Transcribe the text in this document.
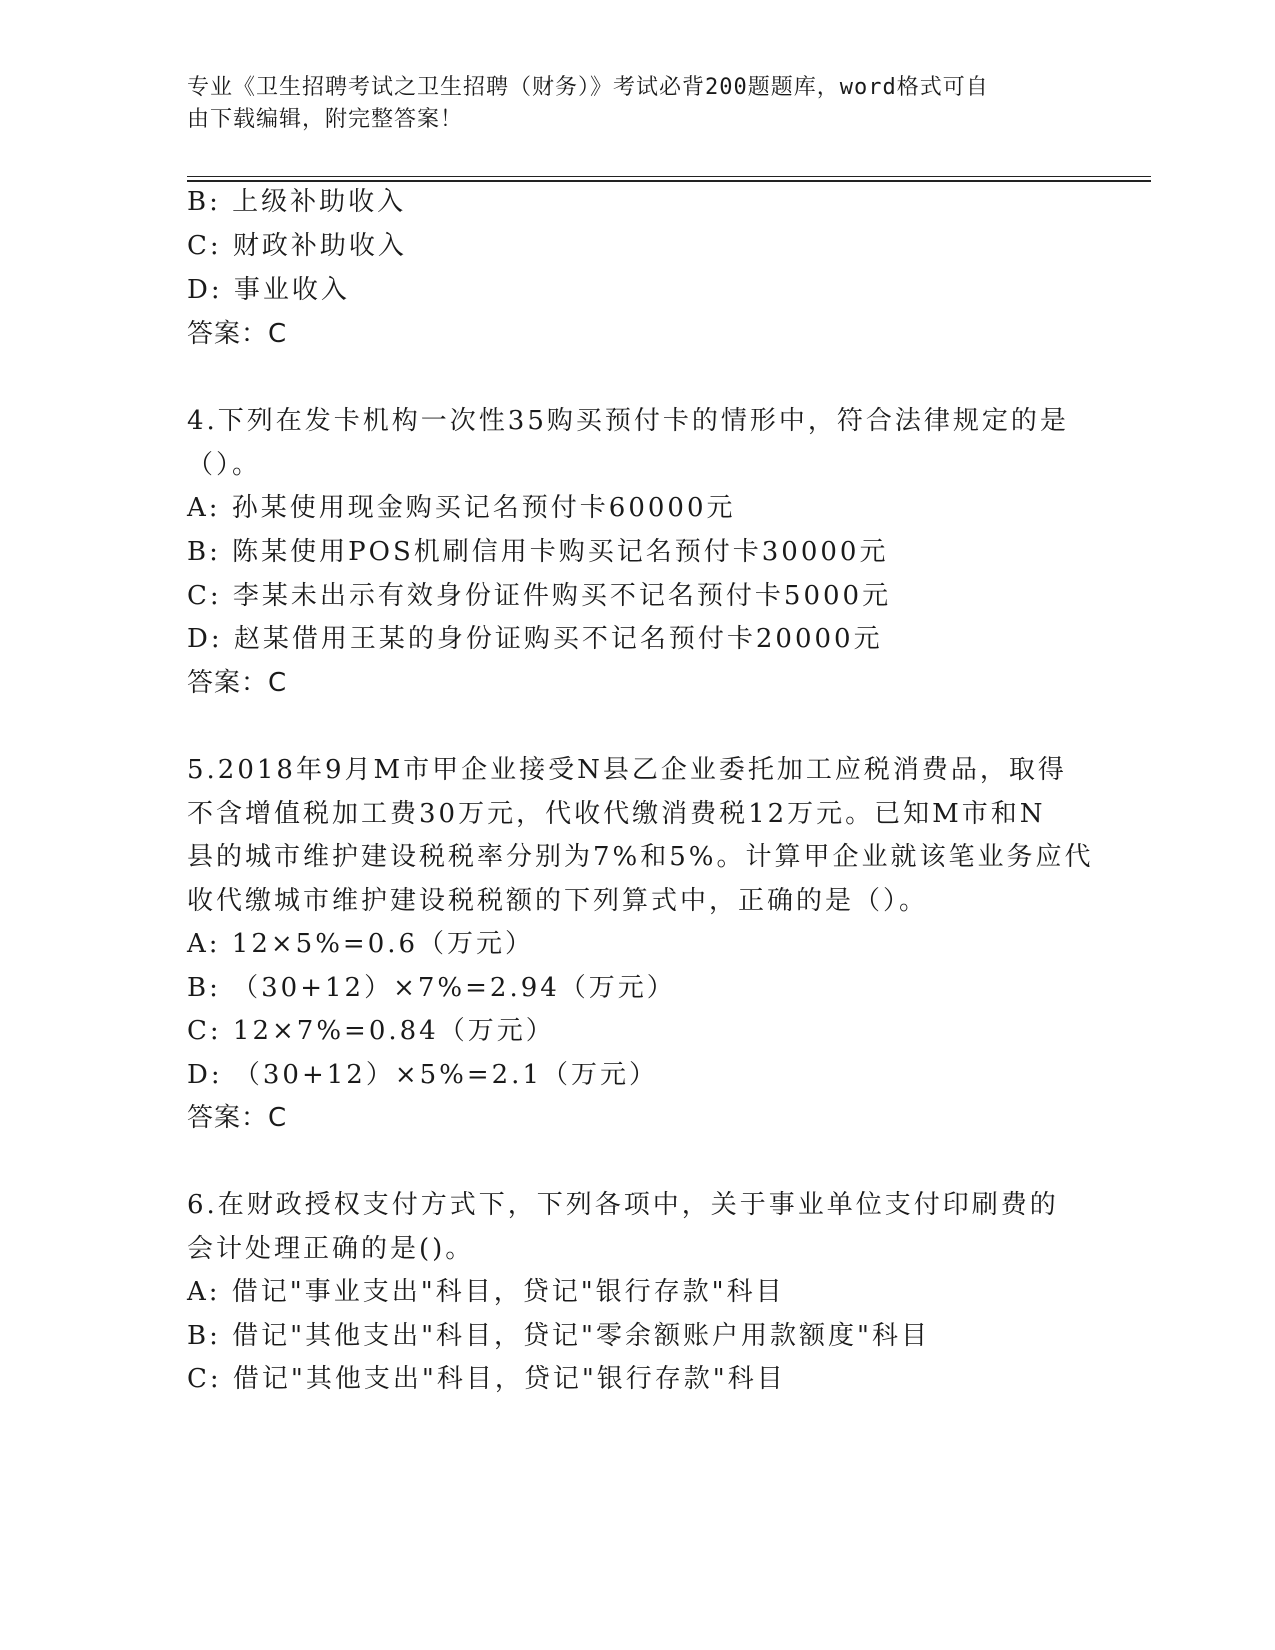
专业《卫生招聘考试之卫生招聘（财务）》考试必背200题题库，word格式可自
由下载编辑，附完整答案！
B: 上级补助收入
C: 财政补助收入
D: 事业收入
答案：C
4.下列在发卡机构一次性35购买预付卡的情形中，符合法律规定的是
（）。
A: 孙某使用现金购买记名预付卡60000元
B: 陈某使用POS机刷信用卡购买记名预付卡30000元
C: 李某未出示有效身份证件购买不记名预付卡5000元
D: 赵某借用王某的身份证购买不记名预付卡20000元
答案：C
5.2018年9月M市甲企业接受N县乙企业委托加工应税消费品，取得
不含增值税加工费30万元，代收代缴消费税12万元。已知M市和N
县的城市维护建设税税率分别为7%和5%。计算甲企业就该笔业务应代
收代缴城市维护建设税税额的下列算式中，正确的是（）。
A: 12×5%=0.6（万元）
B: （30+12）×7%=2.94（万元）
C: 12×7%=0.84（万元）
D: （30+12）×5%=2.1（万元）
答案：C
6.在财政授权支付方式下，下列各项中，关于事业单位支付印刷费的
会计处理正确的是()。
A: 借记"事业支出"科目，贷记"银行存款"科目
B: 借记"其他支出"科目，贷记"零余额账户用款额度"科目
C: 借记"其他支出"科目，贷记"银行存款"科目
